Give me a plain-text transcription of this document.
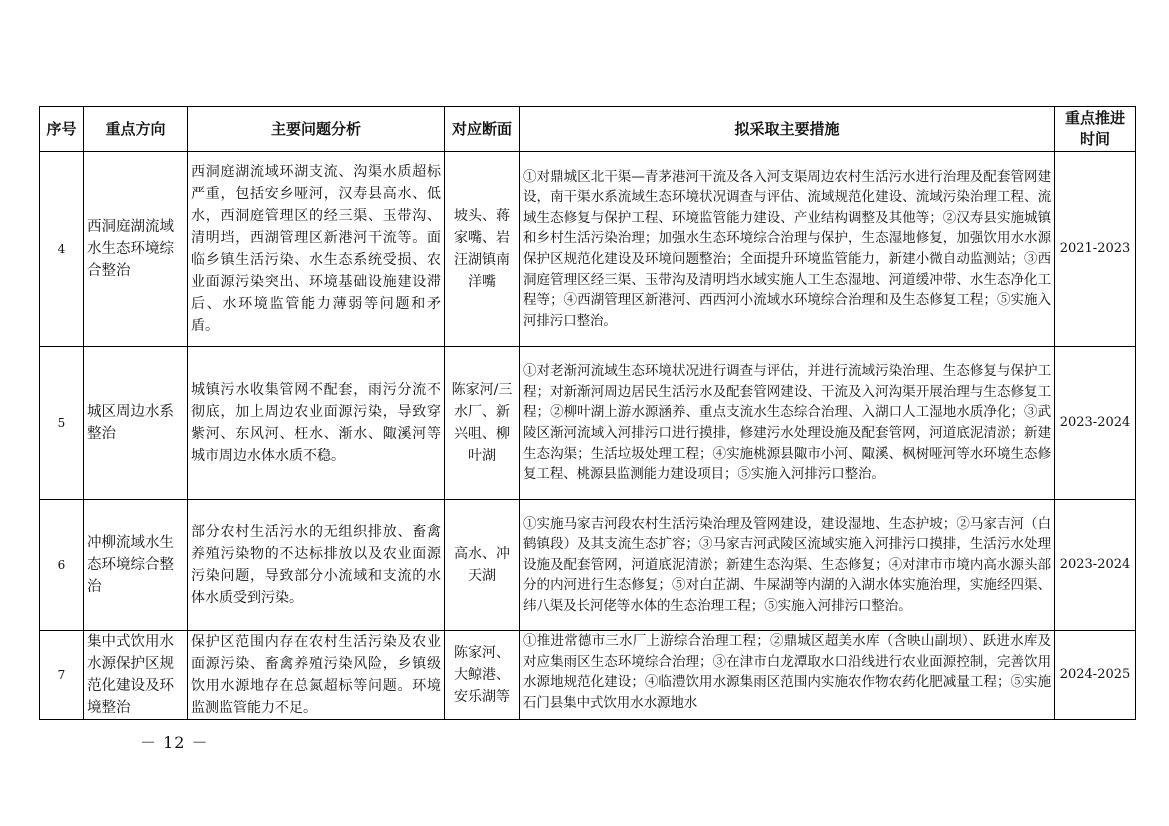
序号	重点方向	主要问题分析	对应断面	拟采取主要措施	重点推进时间
4	西洞庭湖流域水生态环境综合整治	西洞庭湖流域环湖支流、沟渠水质超标严重，包括安乡哑河，汉寿县高水、低水，西洞庭管理区的经三渠、玉带沟、清明垱，西湖管理区新港河干流等。面临乡镇生活污染、水生态系统受损、农业面源污染突出、环境基础设施建设滞后、水环境监管能力薄弱等问题和矛盾。	坡头、蒋家嘴、岩汪湖镇南洋嘴	①对鼎城区北干渠—青茅港河干流及各入河支渠周边农村生活污水进行治理及配套管网建设，南干渠水系流域生态环境状况调查与评估、流域规范化建设、流域污染治理工程、流域生态修复与保护工程、环境监管能力建设、产业结构调整及其他等；②汉寿县实施城镇和乡村生活污染治理；加强水生态环境综合治理与保护，生态湿地修复，加强饮用水水源保护区规范化建设及环境问题整治；全面提升环境监管能力，新建小微自动监测站；③西洞庭管理区经三渠、玉带沟及清明垱水域实施人工生态湿地、河道缓冲带、水生态净化工程等；④西湖管理区新港河、西西河小流域水环境综合治理和及生态修复工程；⑤实施入河排污口整治。	2021-2023
5	城区周边水系整治	城镇污水收集管网不配套，雨污分流不彻底，加上周边农业面源污染，导致穿紫河、东风河、枉水、渐水、陬溪河等城市周边水体水质不稳。	陈家河/三水厂、新兴咀、柳叶湖	①对老渐河流域生态环境状况进行调查与评估，并进行流域污染治理、生态修复与保护工程；对新渐河周边居民生活污水及配套管网建设、干流及入河沟渠开展治理与生态修复工程；②柳叶湖上游水源涵养、重点支流水生态综合治理、入湖口人工湿地水质净化；③武陵区渐河流域入河排污口进行摸排，修建污水处理设施及配套管网，河道底泥清淤；新建生态沟渠；生活垃圾处理工程；④实施桃源县陬市小河、陬溪、枫树哑河等水环境生态修复工程、桃源县监测能力建设项目；⑤实施入河排污口整治。	2023-2024
6	冲柳流域水生态环境综合整治	部分农村生活污水的无组织排放、畜禽养殖污染物的不达标排放以及农业面源污染问题，导致部分小流域和支流的水体水质受到污染。	高水、冲天湖	①实施马家吉河段农村生活污染治理及管网建设，建设湿地、生态护坡；②马家吉河（白鹤镇段）及其支流生态扩容；③马家吉河武陵区流域实施入河排污口摸排，生活污水处理设施及配套管网，河道底泥清淤；新建生态沟渠、生态修复；④对津市市境内高水源头部分的内河进行生态修复；⑤对白芷湖、牛屎湖等内湖的入湖水体实施治理，实施经四渠、纬八渠及长河佬等水体的生态治理工程；⑤实施入河排污口整治。	2023-2024
7	集中式饮用水水源保护区规范化建设及环境整治	保护区范围内存在农村生活污染及农业面源污染、畜禽养殖污染风险，乡镇级饮用水源地存在总氮超标等问题。环境监测监管能力不足。	陈家河、大鲸港、安乐湖等	①推进常德市三水厂上游综合治理工程；②鼎城区超美水库（含映山副坝）、跃进水库及对应集雨区生态环境综合治理；③在津市白龙潭取水口沿线进行农业面源控制，完善饮用水源地规范化建设；④临澧饮用水源集雨区范围内实施农作物农药化肥减量工程；⑤实施石门县集中式饮用水水源地水	2024-2025
－ 12 －
